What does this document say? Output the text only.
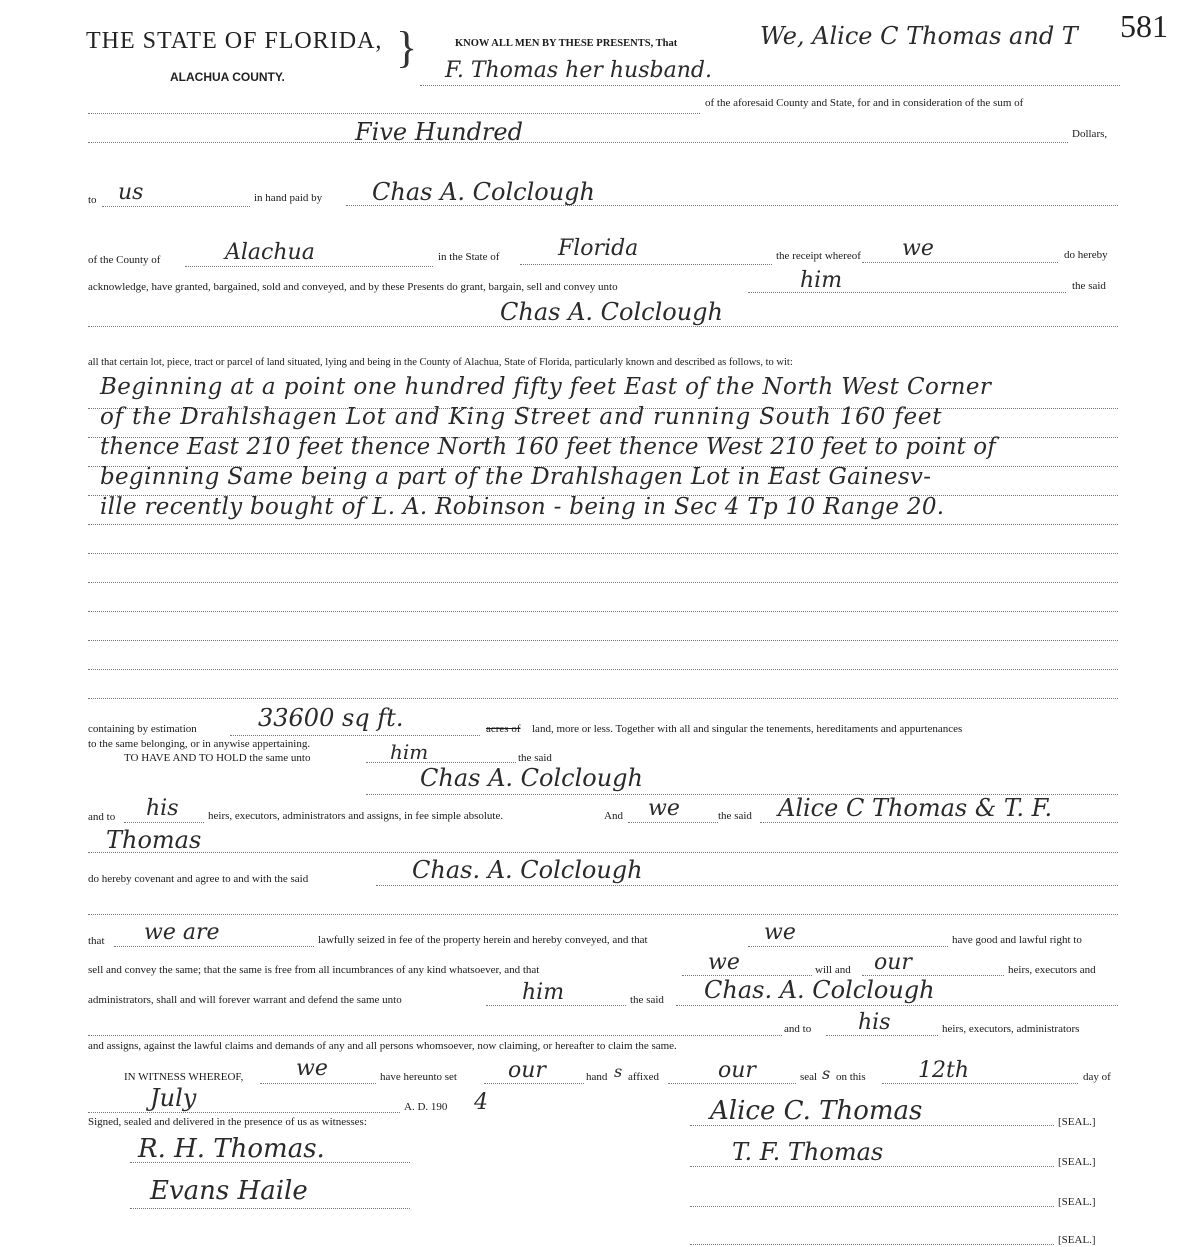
THE STATE OF FLORIDA, }
ALACHUA COUNTY.
KNOW ALL MEN BY THESE PRESENTS, That	We, Alice C Thomas and T 581
F. Thomas her husband.
of the aforesaid County and State, for and in consideration of the sum of
Five Hundred	Dollars,
to us	in hand paid by Chas A. Colclough
of the County of	Alachua	in the State of	Florida	the receipt whereof we	do hereby
acknowledge, have granted, bargained, sold and conveyed, and by these Presents do grant, bargain, sell and convey unto	him	the said
Chas A. Colclough
all that certain lot, piece, tract or parcel of land situated, lying and being in the County of Alachua, State of Florida, particularly known and described as follows, to wit:
Beginning at a point one hundred fifty feet East of the North West Corner
of the Drahlshagen Lot and King Street and running South 160 feet
thence East 210 feet thence North 160 feet thence West 210 feet to point of
beginning Same being a part of the Drahlshagen Lot in East Gainesv-
ille recently bought of L. A. Robinson - being in Sec 4 Tp 10 Range 20.
containing by estimation	33600 sq ft.	acres of land, more or less. Together with all and singular the tenements, hereditaments and appurtenances
to the same belonging, or in anywise appertaining.
TO HAVE AND TO HOLD the same unto	him	the said
Chas A. Colclough
and to his	heirs, executors, administrators and assigns, in fee simple absolute.	And we	the said Alice C Thomas & T. F.
Thomas
do hereby covenant and agree to and with the said	Chas. A. Colclough
that we are	lawfully seized in fee of the property herein and hereby conveyed, and that	we	have good and lawful right to
sell and convey the same; that the same is free from all incumbrances of any kind whatsoever, and that	we	will and our	heirs, executors and
administrators, shall and will forever warrant and defend the same unto	him	the said Chas. A. Colclough
and to his	heirs, executors, administrators
and assigns, against the lawful claims and demands of any and all persons whomsoever, now claiming, or hereafter to claim the same.
IN WITNESS WHEREOF, we	have hereunto set our	hand s affixed	our	seal s on this 12th	day of
July	A. D. 190 4
Signed, sealed and delivered in the presence of us as witnesses:
R. H. Thomas.
Evans Haile
Alice C. Thomas	[SEAL.]
T. F. Thomas	[SEAL.]
[SEAL.]
[SEAL.]
